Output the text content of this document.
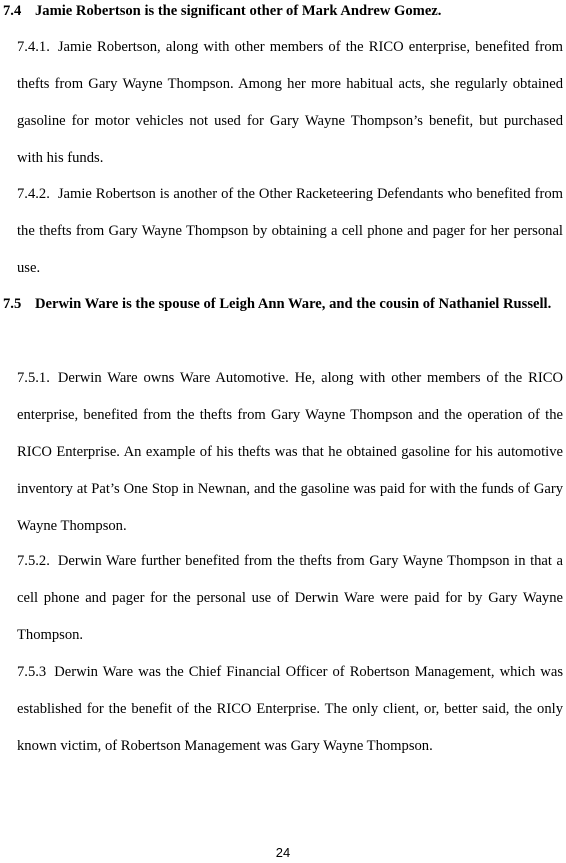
7.4 Jamie Robertson is the significant other of Mark Andrew Gomez.

7.4.1. Jamie Robertson, along with other members of the RICO enterprise, benefited from thefts from Gary Wayne Thompson. Among her more habitual acts, she regularly obtained gasoline for motor vehicles not used for Gary Wayne Thompson’s benefit, but purchased with his funds.

7.4.2. Jamie Robertson is another of the Other Racketeering Defendants who benefited from the thefts from Gary Wayne Thompson by obtaining a cell phone and pager for her personal use.

7.5 Derwin Ware is the spouse of Leigh Ann Ware, and the cousin of Nathaniel Russell.

7.5.1. Derwin Ware owns Ware Automotive. He, along with other members of the RICO enterprise, benefited from the thefts from Gary Wayne Thompson and the operation of the RICO Enterprise. An example of his thefts was that he obtained gasoline for his automotive inventory at Pat’s One Stop in Newnan, and the gasoline was paid for with the funds of Gary Wayne Thompson.

7.5.2. Derwin Ware further benefited from the thefts from Gary Wayne Thompson in that a cell phone and pager for the personal use of Derwin Ware were paid for by Gary Wayne Thompson.

7.5.3 Derwin Ware was the Chief Financial Officer of Robertson Management, which was established for the benefit of the RICO Enterprise. The only client, or, better said, the only known victim, of Robertson Management was Gary Wayne Thompson.

24
